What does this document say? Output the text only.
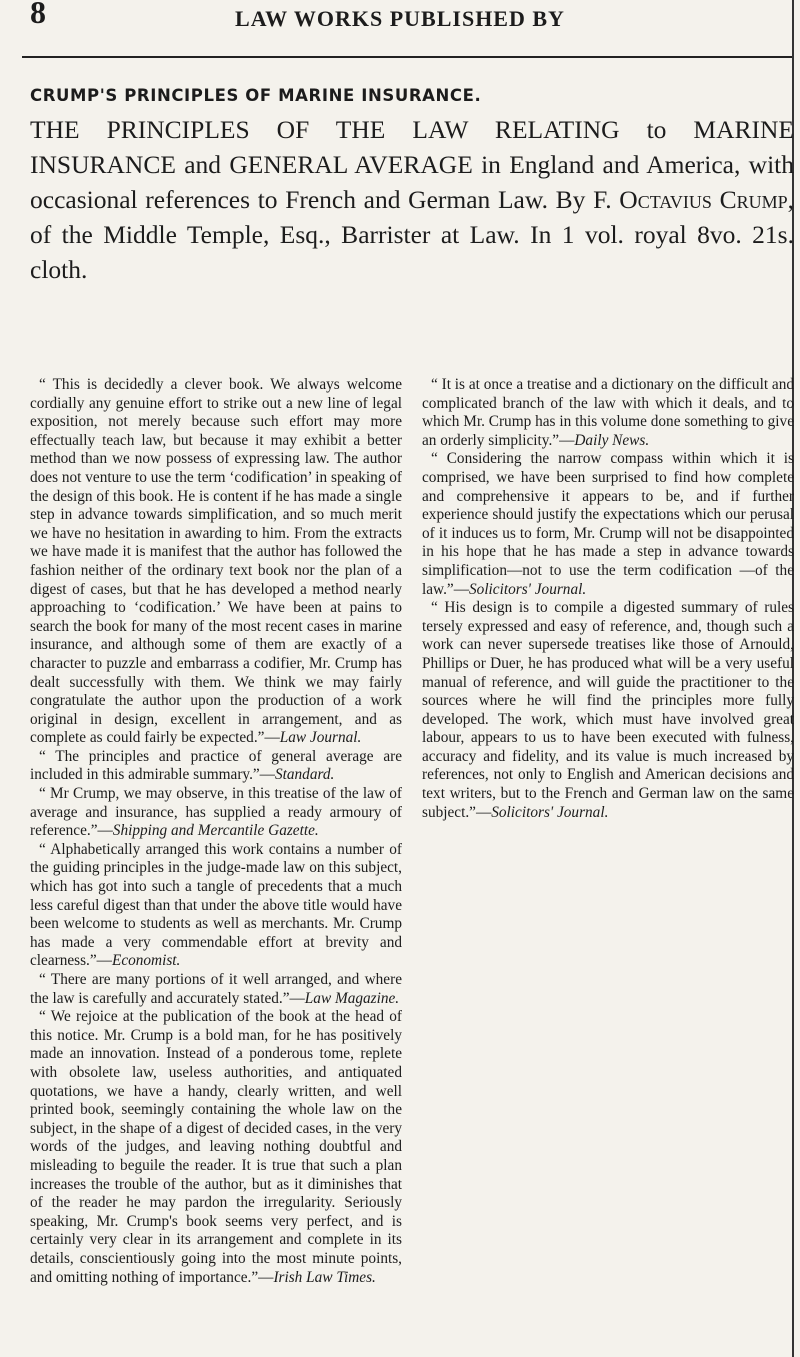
8	LAW WORKS PUBLISHED BY
CRUMP'S PRINCIPLES OF MARINE INSURANCE.

THE PRINCIPLES OF THE LAW RELATING to MARINE INSURANCE and GENERAL AVERAGE in England and America, with occasional references to French and German Law. By F. Octavius Crump, of the Middle Temple, Esq., Barrister at Law. In 1 vol. royal 8vo. 21s. cloth.

“ This is decidedly a clever book. We always welcome cordially any genuine effort to strike out a new line of legal exposition, not merely because such effort may more effectually teach law, but because it may exhibit a better method than we now possess of expressing law. The author does not venture to use the term ‘codification’ in speaking of the design of this book. He is content if he has made a single step in advance towards simplification, and so much merit we have no hesitation in awarding to him. From the extracts we have made it is manifest that the author has followed the fashion neither of the ordinary text book nor the plan of a digest of cases, but that he has developed a method nearly approaching to ‘codification.’ We have been at pains to search the book for many of the most recent cases in marine insurance, and although some of them are exactly of a character to puzzle and embarrass a codifier, Mr. Crump has dealt successfully with them. We think we may fairly congratulate the author upon the production of a work original in design, excellent in arrangement, and as complete as could fairly be expected.”—Law Journal.

“ The principles and practice of general average are included in this admirable summary.”—Standard.

“ Mr Crump, we may observe, in this treatise of the law of average and insurance, has supplied a ready armoury of reference.”—Shipping and Mercantile Gazette.

“ Alphabetically arranged this work contains a number of the guiding principles in the judge-made law on this subject, which has got into such a tangle of precedents that a much less careful digest than that under the above title would have been welcome to students as well as merchants. Mr. Crump has made a very commendable effort at brevity and clearness.”—Economist.

“ There are many portions of it well arranged, and where the law is carefully and accurately stated.”—Law Magazine.

“ We rejoice at the publication of the book at the head of this notice. Mr. Crump is a bold man, for he has positively made an innovation. Instead of a ponderous tome, replete with obsolete law, useless authorities, and antiquated quotations, we have a handy, clearly written, and well printed book, seemingly containing the whole law on the subject, in the shape of a digest of decided cases, in the very words of the judges, and leaving nothing doubtful and misleading to beguile the reader. It is true that such a plan increases the trouble of the author, but as it diminishes that of the reader he may pardon the irregularity. Seriously speaking, Mr. Crump's book seems very perfect, and is certainly very clear in its arrangement and complete in its details, conscientiously going into the most minute points, and omitting nothing of importance.”—Irish Law Times.

“ It is at once a treatise and a dictionary on the difficult and complicated branch of the law with which it deals, and to which Mr. Crump has in this volume done something to give an orderly simplicity.”—Daily News.

“ Considering the narrow compass within which it is comprised, we have been surprised to find how complete and comprehensive it appears to be, and if further experience should justify the expectations which our perusal of it induces us to form, Mr. Crump will not be disappointed in his hope that he has made a step in advance towards simplification—not to use the term codification —of the law.”—Solicitors' Journal.

“ His design is to compile a digested summary of rules tersely expressed and easy of reference, and, though such a work can never supersede treatises like those of Arnould, Phillips or Duer, he has produced what will be a very useful manual of reference, and will guide the practitioner to the sources where he will find the principles more fully developed. The work, which must have involved great labour, appears to us to have been executed with fulness, accuracy and fidelity, and its value is much increased by references, not only to English and American decisions and text writers, but to the French and German law on the same subject.”—Solicitors' Journal.
